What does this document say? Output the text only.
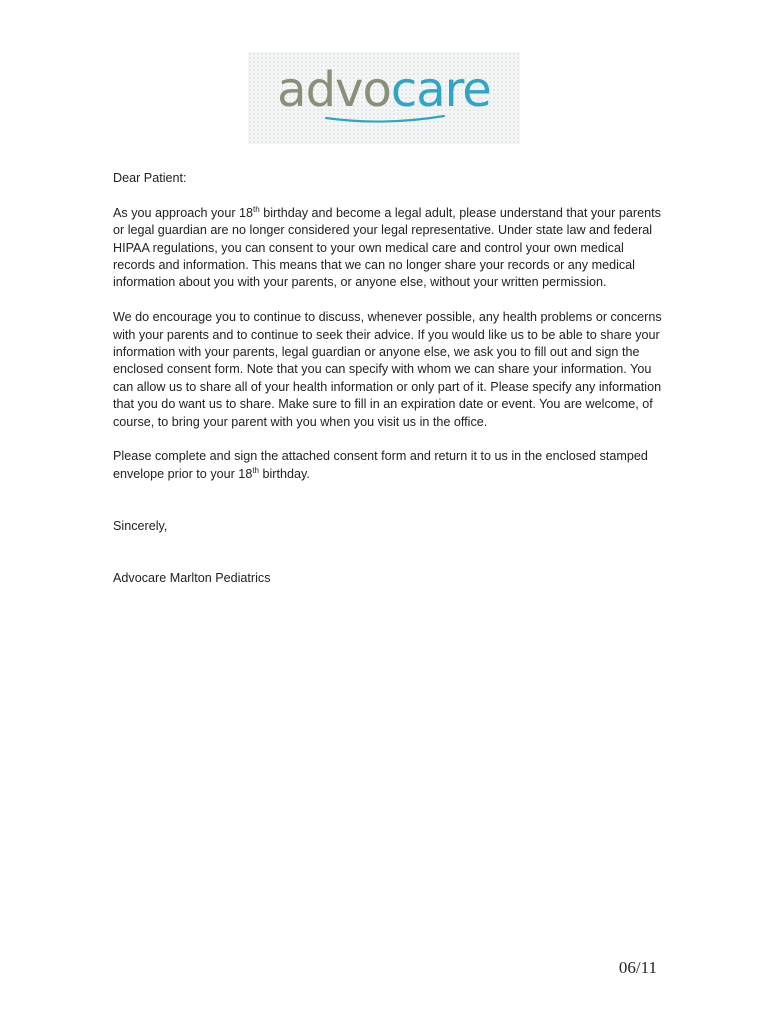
advocare

Dear Patient:

As you approach your 18th birthday and become a legal adult, please understand that your parents or legal guardian are no longer considered your legal representative. Under state law and federal HIPAA regulations, you can consent to your own medical care and control your own medical records and information. This means that we can no longer share your records or any medical information about you with your parents, or anyone else, without your written permission.

We do encourage you to continue to discuss, whenever possible, any health problems or concerns with your parents and to continue to seek their advice. If you would like us to be able to share your information with your parents, legal guardian or anyone else, we ask you to fill out and sign the enclosed consent form. Note that you can specify with whom we can share your information. You can allow us to share all of your health information or only part of it. Please specify any information that you do want us to share. Make sure to fill in an expiration date or event. You are welcome, of course, to bring your parent with you when you visit us in the office.

Please complete and sign the attached consent form and return it to us in the enclosed stamped envelope prior to your 18th birthday.

Sincerely,

Advocare Marlton Pediatrics

06/11
